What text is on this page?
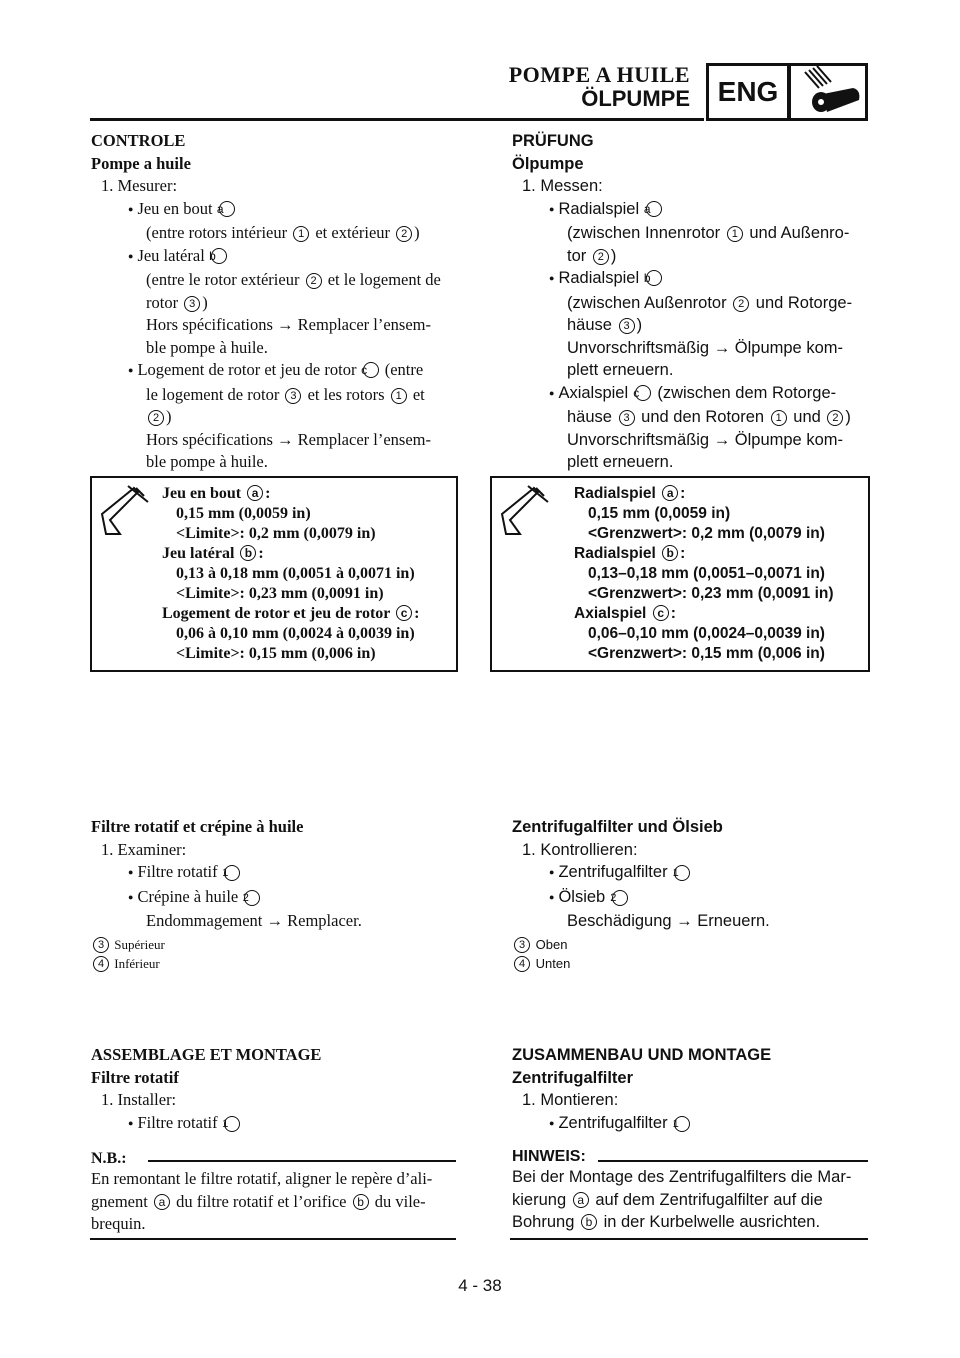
POMPE A HUILE
ÖLPUMPE ENG
CONTROLE
Pompe a huile
1. Mesurer:
● Jeu en bout a
(entre rotors intérieur 1 et extérieur 2 )
● Jeu latéral b
(entre le rotor extérieur 2 et le logement de
rotor 3 )
Hors spécifications → Remplacer l’ensem-
ble pompe à huile.
● Logement de rotor et jeu de rotor c (entre
le logement de rotor 3 et les rotors 1 et
2 )
Hors spécifications → Remplacer l’ensem-
ble pompe à huile.
Jeu en bout a :
0,15 mm (0,0059 in)
<Limite>: 0,2 mm (0,0079 in)
Jeu latéral b :
0,13 à 0,18 mm (0,0051 à 0,0071 in)
<Limite>: 0,23 mm (0,0091 in)
Logement de rotor et jeu de rotor c :
0,06 à 0,10 mm (0,0024 à 0,0039 in)
<Limite>: 0,15 mm (0,006 in)
Filtre rotatif et crépine à huile
1. Examiner:
● Filtre rotatif 1
● Crépine à huile 2
Endommagement → Remplacer.
3 Supérieur
4 Inférieur
ASSEMBLAGE ET MONTAGE
Filtre rotatif
1. Installer:
● Filtre rotatif 1
N.B.:
En remontant le filtre rotatif, aligner le repère d’ali-
gnement a du filtre rotatif et l’orifice b du vile-
brequin.
PRÜFUNG
Ölpumpe
1. Messen:
● Radialspiel a
(zwischen Innenrotor 1 und Außenro-
tor 2 )
● Radialspiel b
(zwischen Außenrotor 2 und Rotorge-
häuse 3 )
Unvorschriftsmäßig → Ölpumpe kom-
plett erneuern.
● Axialspiel c (zwischen dem Rotorge-
häuse 3 und den Rotoren 1 und 2 )
Unvorschriftsmäßig → Ölpumpe kom-
plett erneuern.
Radialspiel a :
0,15 mm (0,0059 in)
<Grenzwert>: 0,2 mm (0,0079 in)
Radialspiel b :
0,13–0,18 mm (0,0051–0,0071 in)
<Grenzwert>: 0,23 mm (0,0091 in)
Axialspiel c :
0,06–0,10 mm (0,0024–0,0039 in)
<Grenzwert>: 0,15 mm (0,006 in)
Zentrifugalfilter und Ölsieb
1. Kontrollieren:
● Zentrifugalfilter 1
● Ölsieb 2
Beschädigung → Erneuern.
3 Oben
4 Unten
ZUSAMMENBAU UND MONTAGE
Zentrifugalfilter
1. Montieren:
● Zentrifugalfilter 1
HINWEIS:
Bei der Montage des Zentrifugalfilters die Mar-
kierung a auf dem Zentrifugalfilter auf die
Bohrung b in der Kurbelwelle ausrichten.
4 - 38
